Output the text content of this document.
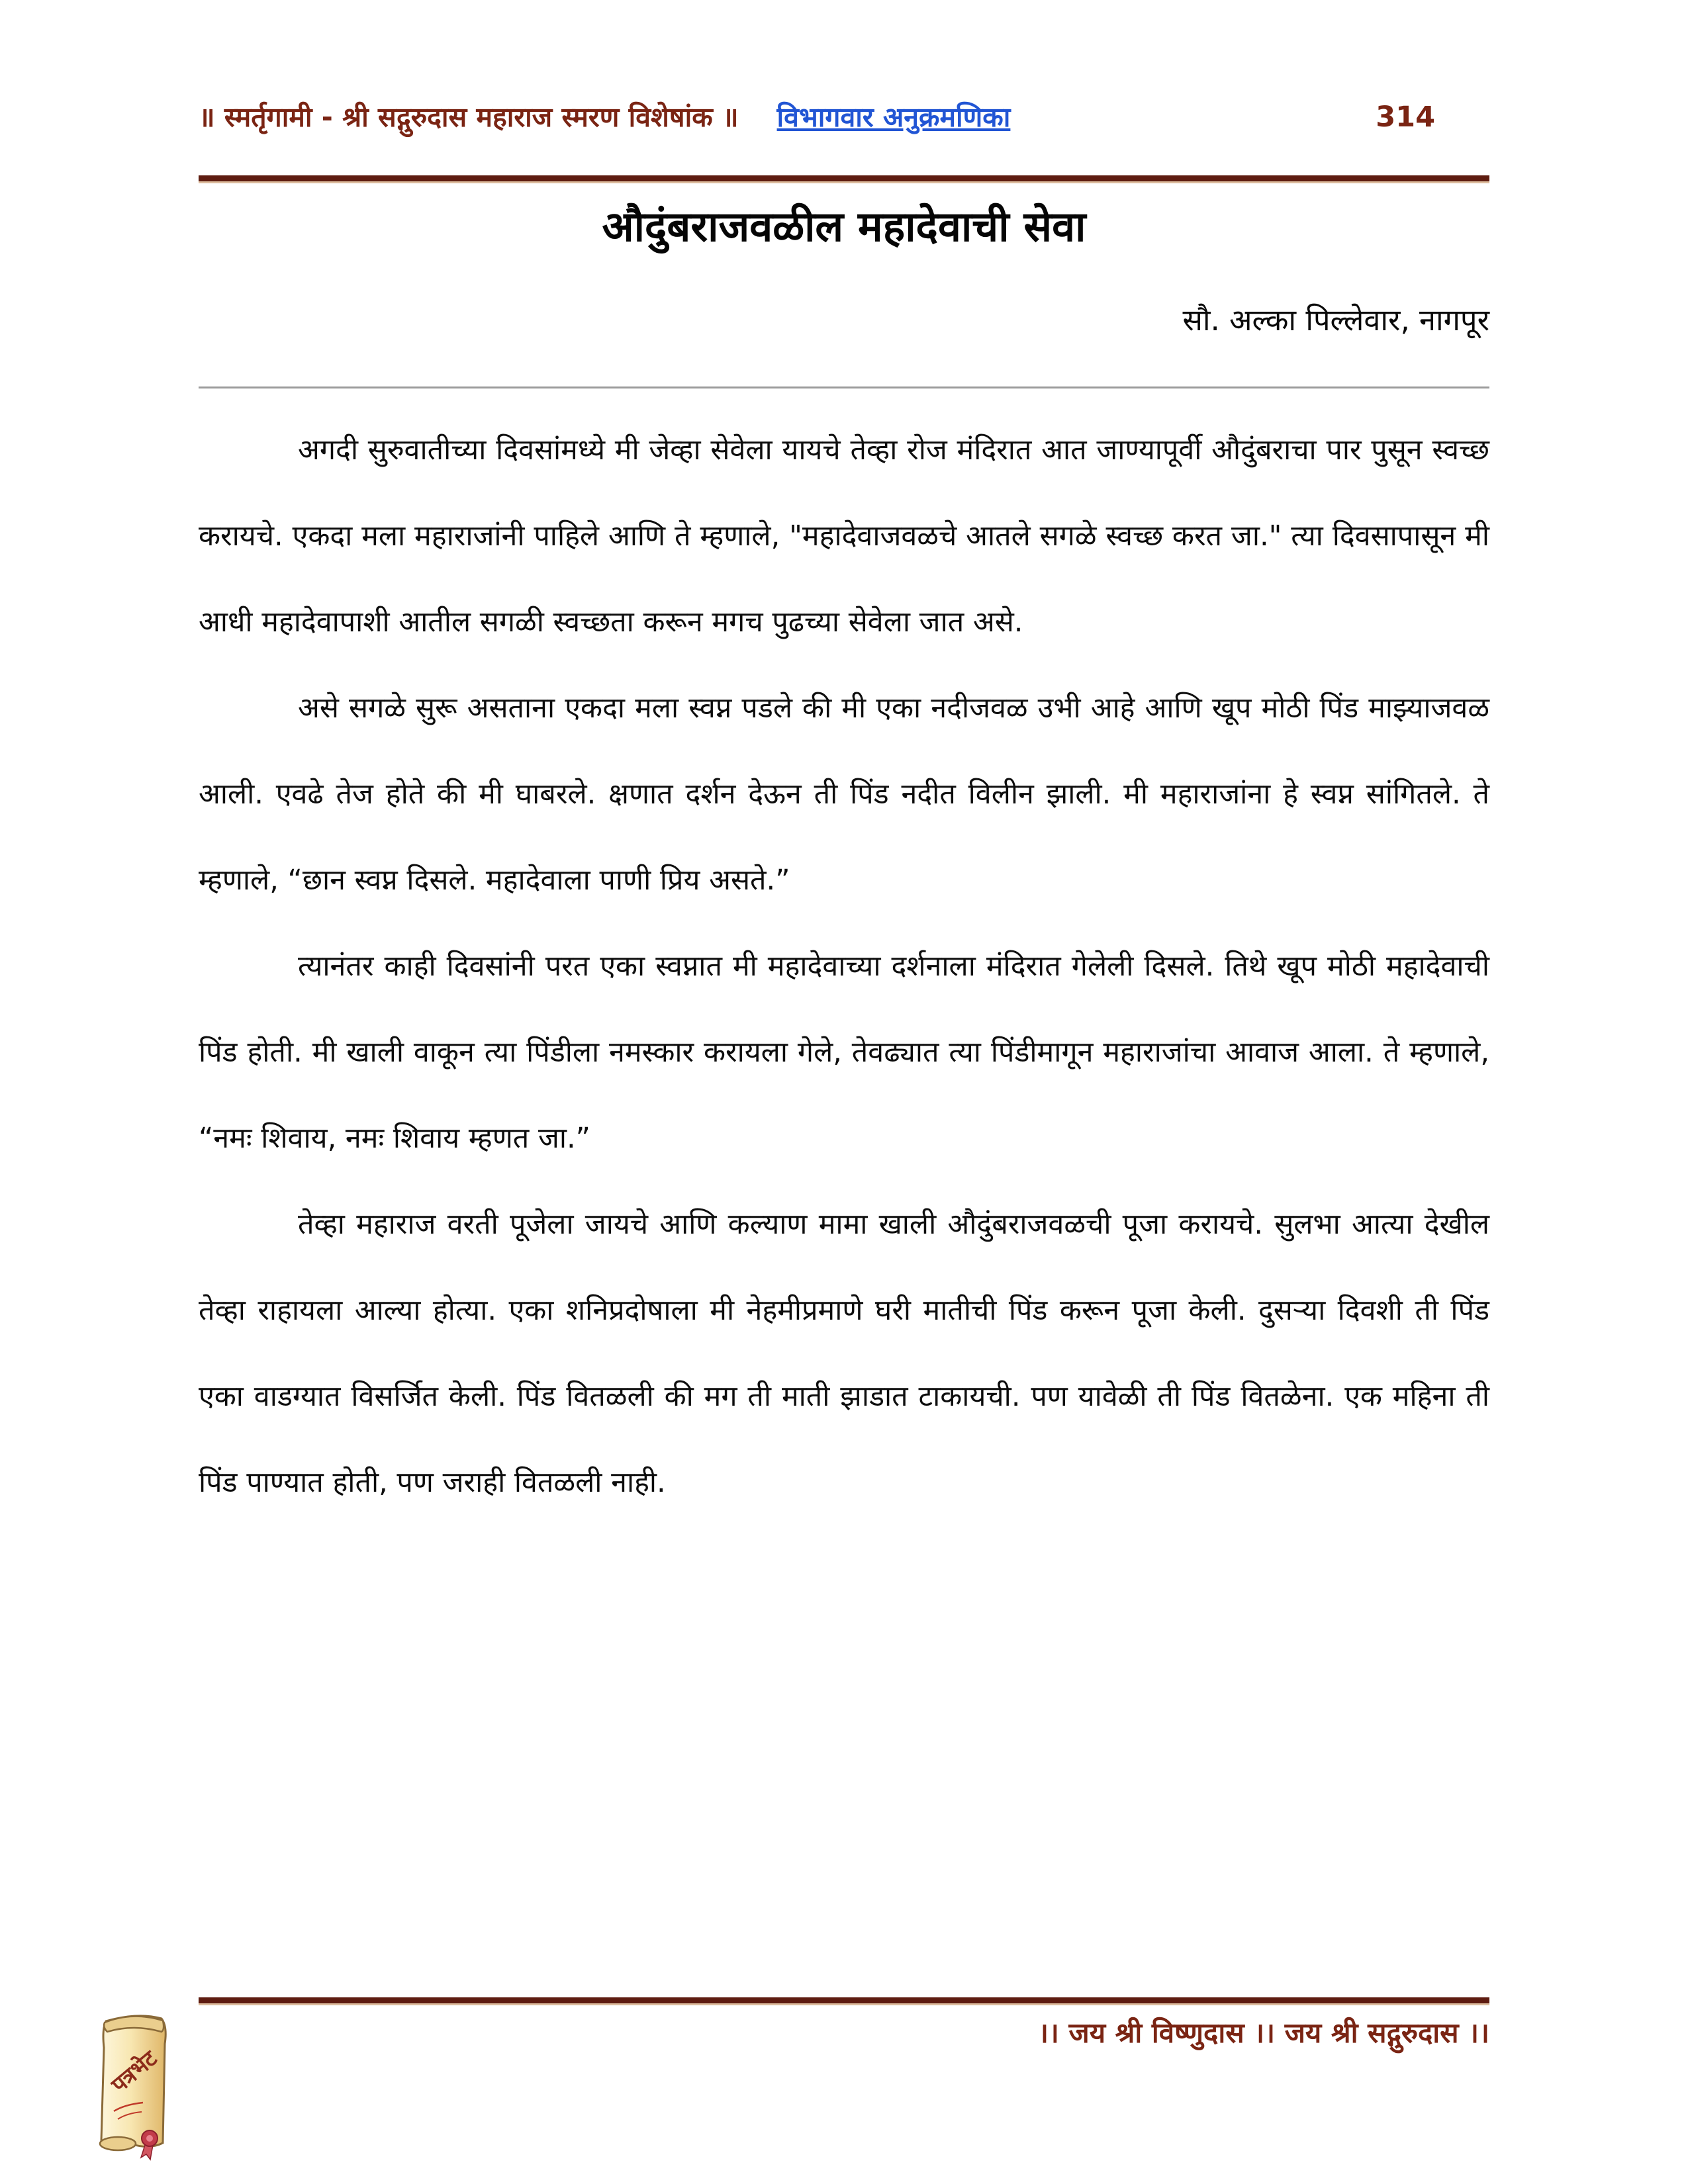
॥ स्मर्तृगामी - श्री सद्गुरुदास महाराज स्मरण विशेषांक ॥ विभागवार अनुक्रमणिका	314
औदुंबराजवळील महादेवाची सेवा
सौ. अल्का पिल्लेवार, नागपूर

अगदी सुरुवातीच्या दिवसांमध्ये मी जेव्हा सेवेला यायचे तेव्हा रोज मंदिरात आत जाण्यापूर्वी औदुंबराचा पार पुसून स्वच्छ करायचे. एकदा मला महाराजांनी पाहिले आणि ते म्हणाले, "महादेवाजवळचे आतले सगळे स्वच्छ करत जा." त्या दिवसापासून मी आधी महादेवापाशी आतील सगळी स्वच्छता करून मगच पुढच्या सेवेला जात असे.

असे सगळे सुरू असताना एकदा मला स्वप्न पडले की मी एका नदीजवळ उभी आहे आणि खूप मोठी पिंड माझ्याजवळ आली. एवढे तेज होते की मी घाबरले. क्षणात दर्शन देऊन ती पिंड नदीत विलीन झाली. मी महाराजांना हे स्वप्न सांगितले. ते म्हणाले, “छान स्वप्न दिसले. महादेवाला पाणी प्रिय असते.”

त्यानंतर काही दिवसांनी परत एका स्वप्नात मी महादेवाच्या दर्शनाला मंदिरात गेलेली दिसले. तिथे खूप मोठी महादेवाची पिंड होती. मी खाली वाकून त्या पिंडीला नमस्कार करायला गेले, तेवढ्यात त्या पिंडीमागून महाराजांचा आवाज आला. ते म्हणाले, “नमः शिवाय, नमः शिवाय म्हणत जा.”

तेव्हा महाराज वरती पूजेला जायचे आणि कल्याण मामा खाली औदुंबराजवळची पूजा करायचे. सुलभा आत्या देखील तेव्हा राहायला आल्या होत्या. एका शनिप्रदोषाला मी नेहमीप्रमाणे घरी मातीची पिंड करून पूजा केली. दुसऱ्या दिवशी ती पिंड एका वाडग्यात विसर्जित केली. पिंड वितळली की मग ती माती झाडात टाकायची. पण यावेळी ती पिंड वितळेना. एक महिना ती पिंड पाण्यात होती, पण जराही वितळली नाही.

।। जय श्री विष्णुदास ।। जय श्री सद्गुरुदास ।।
पत्रभेट
